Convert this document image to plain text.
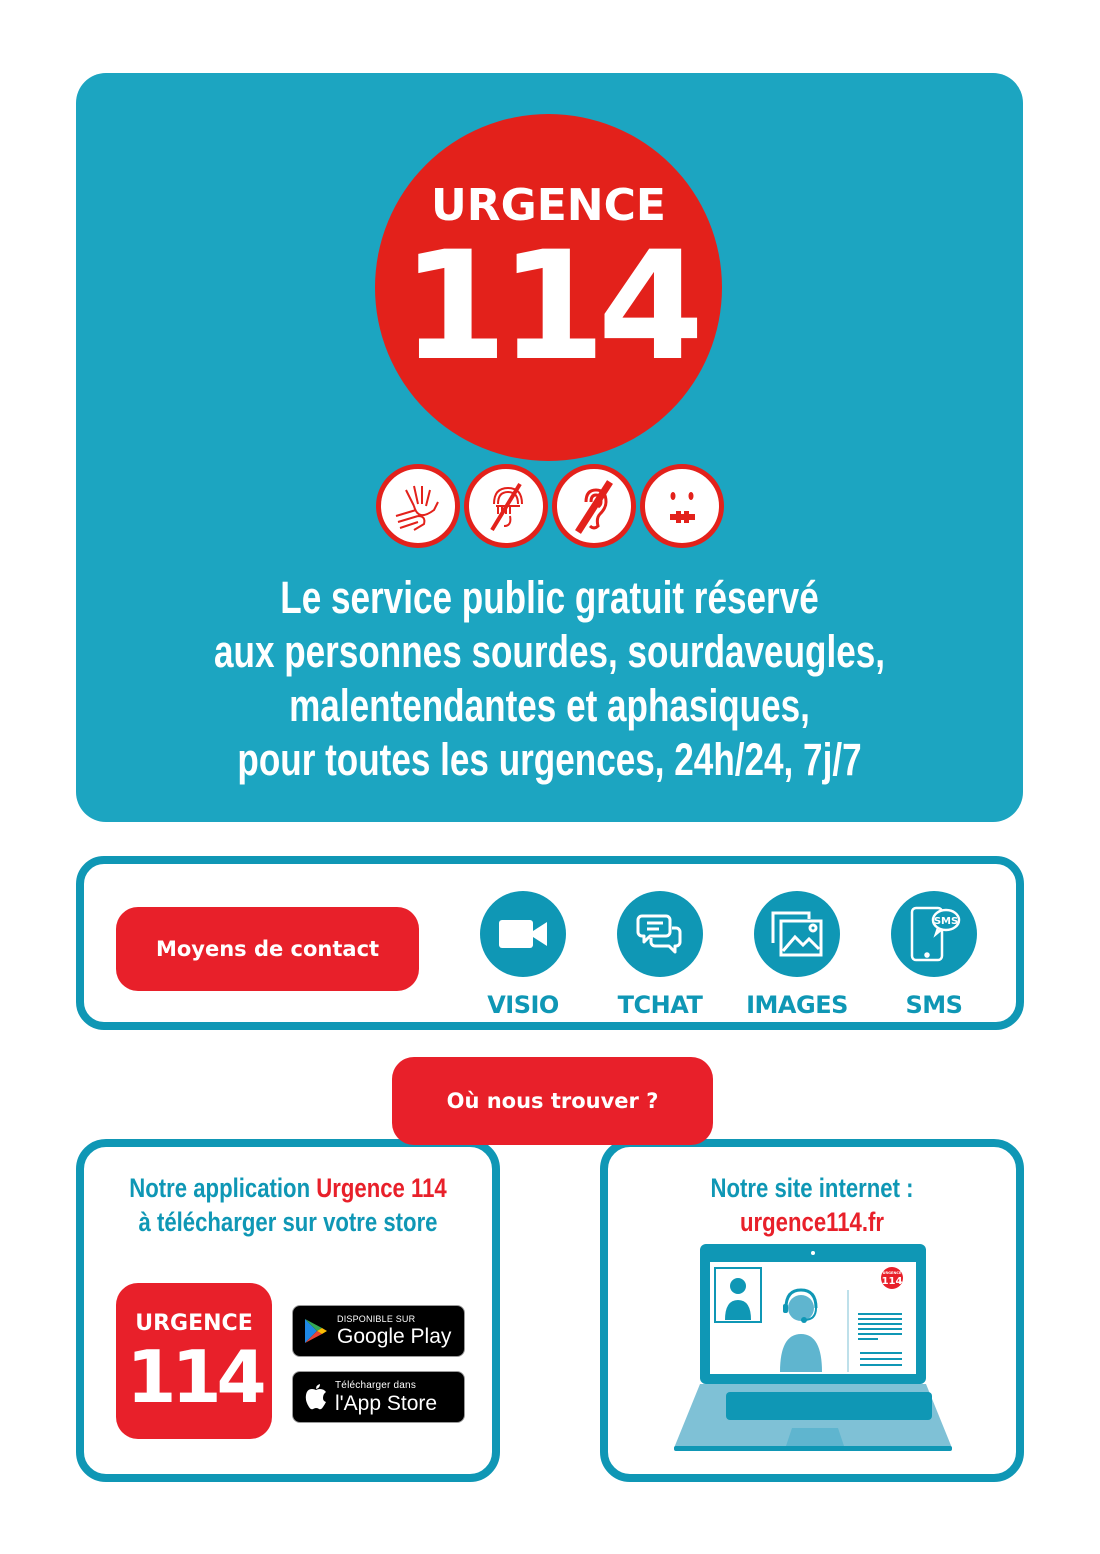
URGENCE
114
Le service public gratuit réservé
aux personnes sourdes, sourdaveugles,
malentendantes et aphasiques,
pour toutes les urgences, 24h/24, 7j/7
Moyens de contact
VISIO	TCHAT	IMAGES
SMS
SMS
Où nous trouver ?
Notre application Urgence 114
à télécharger sur votre store
URGENCE
114
DISPONIBLE SUR
Google Play
Télécharger dans
l'App Store
Notre site internet :
urgence114.fr
URGENCE
114
